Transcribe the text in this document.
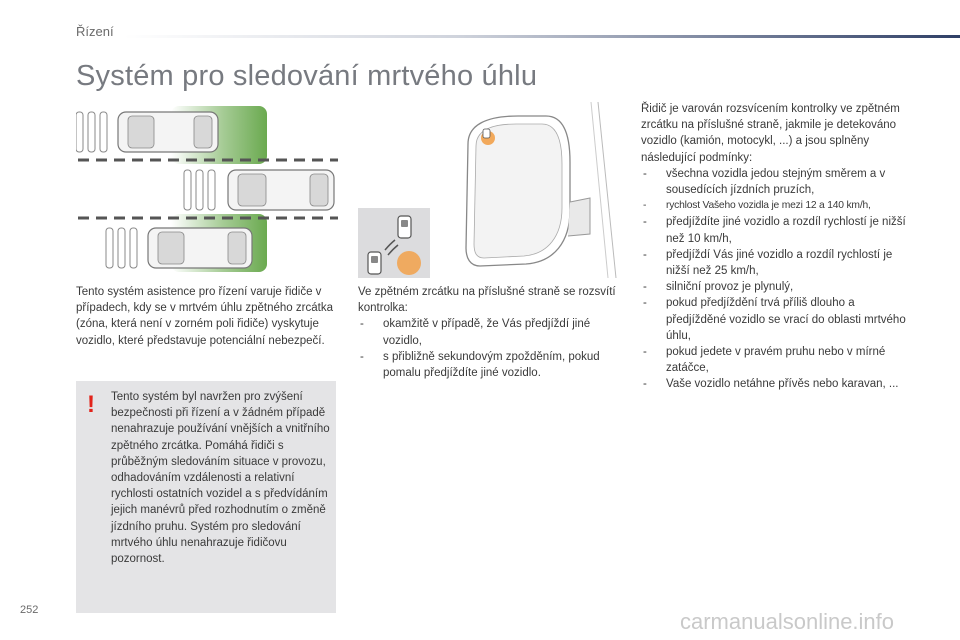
Řízení
Systém pro sledování mrtvého úhlu
Tento systém asistence pro řízení varuje řidiče v případech, kdy se v mrtvém úhlu zpětného zrcátka (zóna, která není v zorném poli řidiče) vyskytuje vozidlo, které představuje potenciální nebezpečí.
Ve zpětném zrcátku na příslušné straně se rozsvítí kontrolka:
- okamžitě v případě, že Vás předjíždí jiné vozidlo,
- s přibližně sekundovým zpožděním, pokud pomalu předjíždíte jiné vozidlo.
Řidič je varován rozsvícením kontrolky ve zpětném zrcátku na příslušné straně, jakmile je detekováno vozidlo (kamión, motocykl, ...) a jsou splněny následující podmínky:
- všechna vozidla jedou stejným směrem a v sousedících jízdních pruzích,
- rychlost Vašeho vozidla je mezi 12 a 140 km/h,
- předjíždíte jiné vozidlo a rozdíl rychlostí je nižší než 10 km/h,
- předjíždí Vás jiné vozidlo a rozdíl rychlostí je nižší než 25 km/h,
- silniční provoz je plynulý,
- pokud předjíždění trvá příliš dlouho a předjížděné vozidlo se vrací do oblasti mrtvého úhlu,
- pokud jedete v pravém pruhu nebo v mírné zatáčce,
- Vaše vozidlo netáhne přívěs nebo karavan, ...
! Tento systém byl navržen pro zvýšení bezpečnosti při řízení a v žádném případě nenahrazuje používání vnějších a vnitřního zpětného zrcátka. Pomáhá řidiči s průběžným sledováním situace v provozu, odhadováním vzdálenosti a relativní rychlosti ostatních vozidel a s předvídáním jejich manévrů před rozhodnutím o změně jízdního pruhu. Systém pro sledování mrtvého úhlu nenahrazuje řidičovu pozornost.
252	carmanualsonline.info
